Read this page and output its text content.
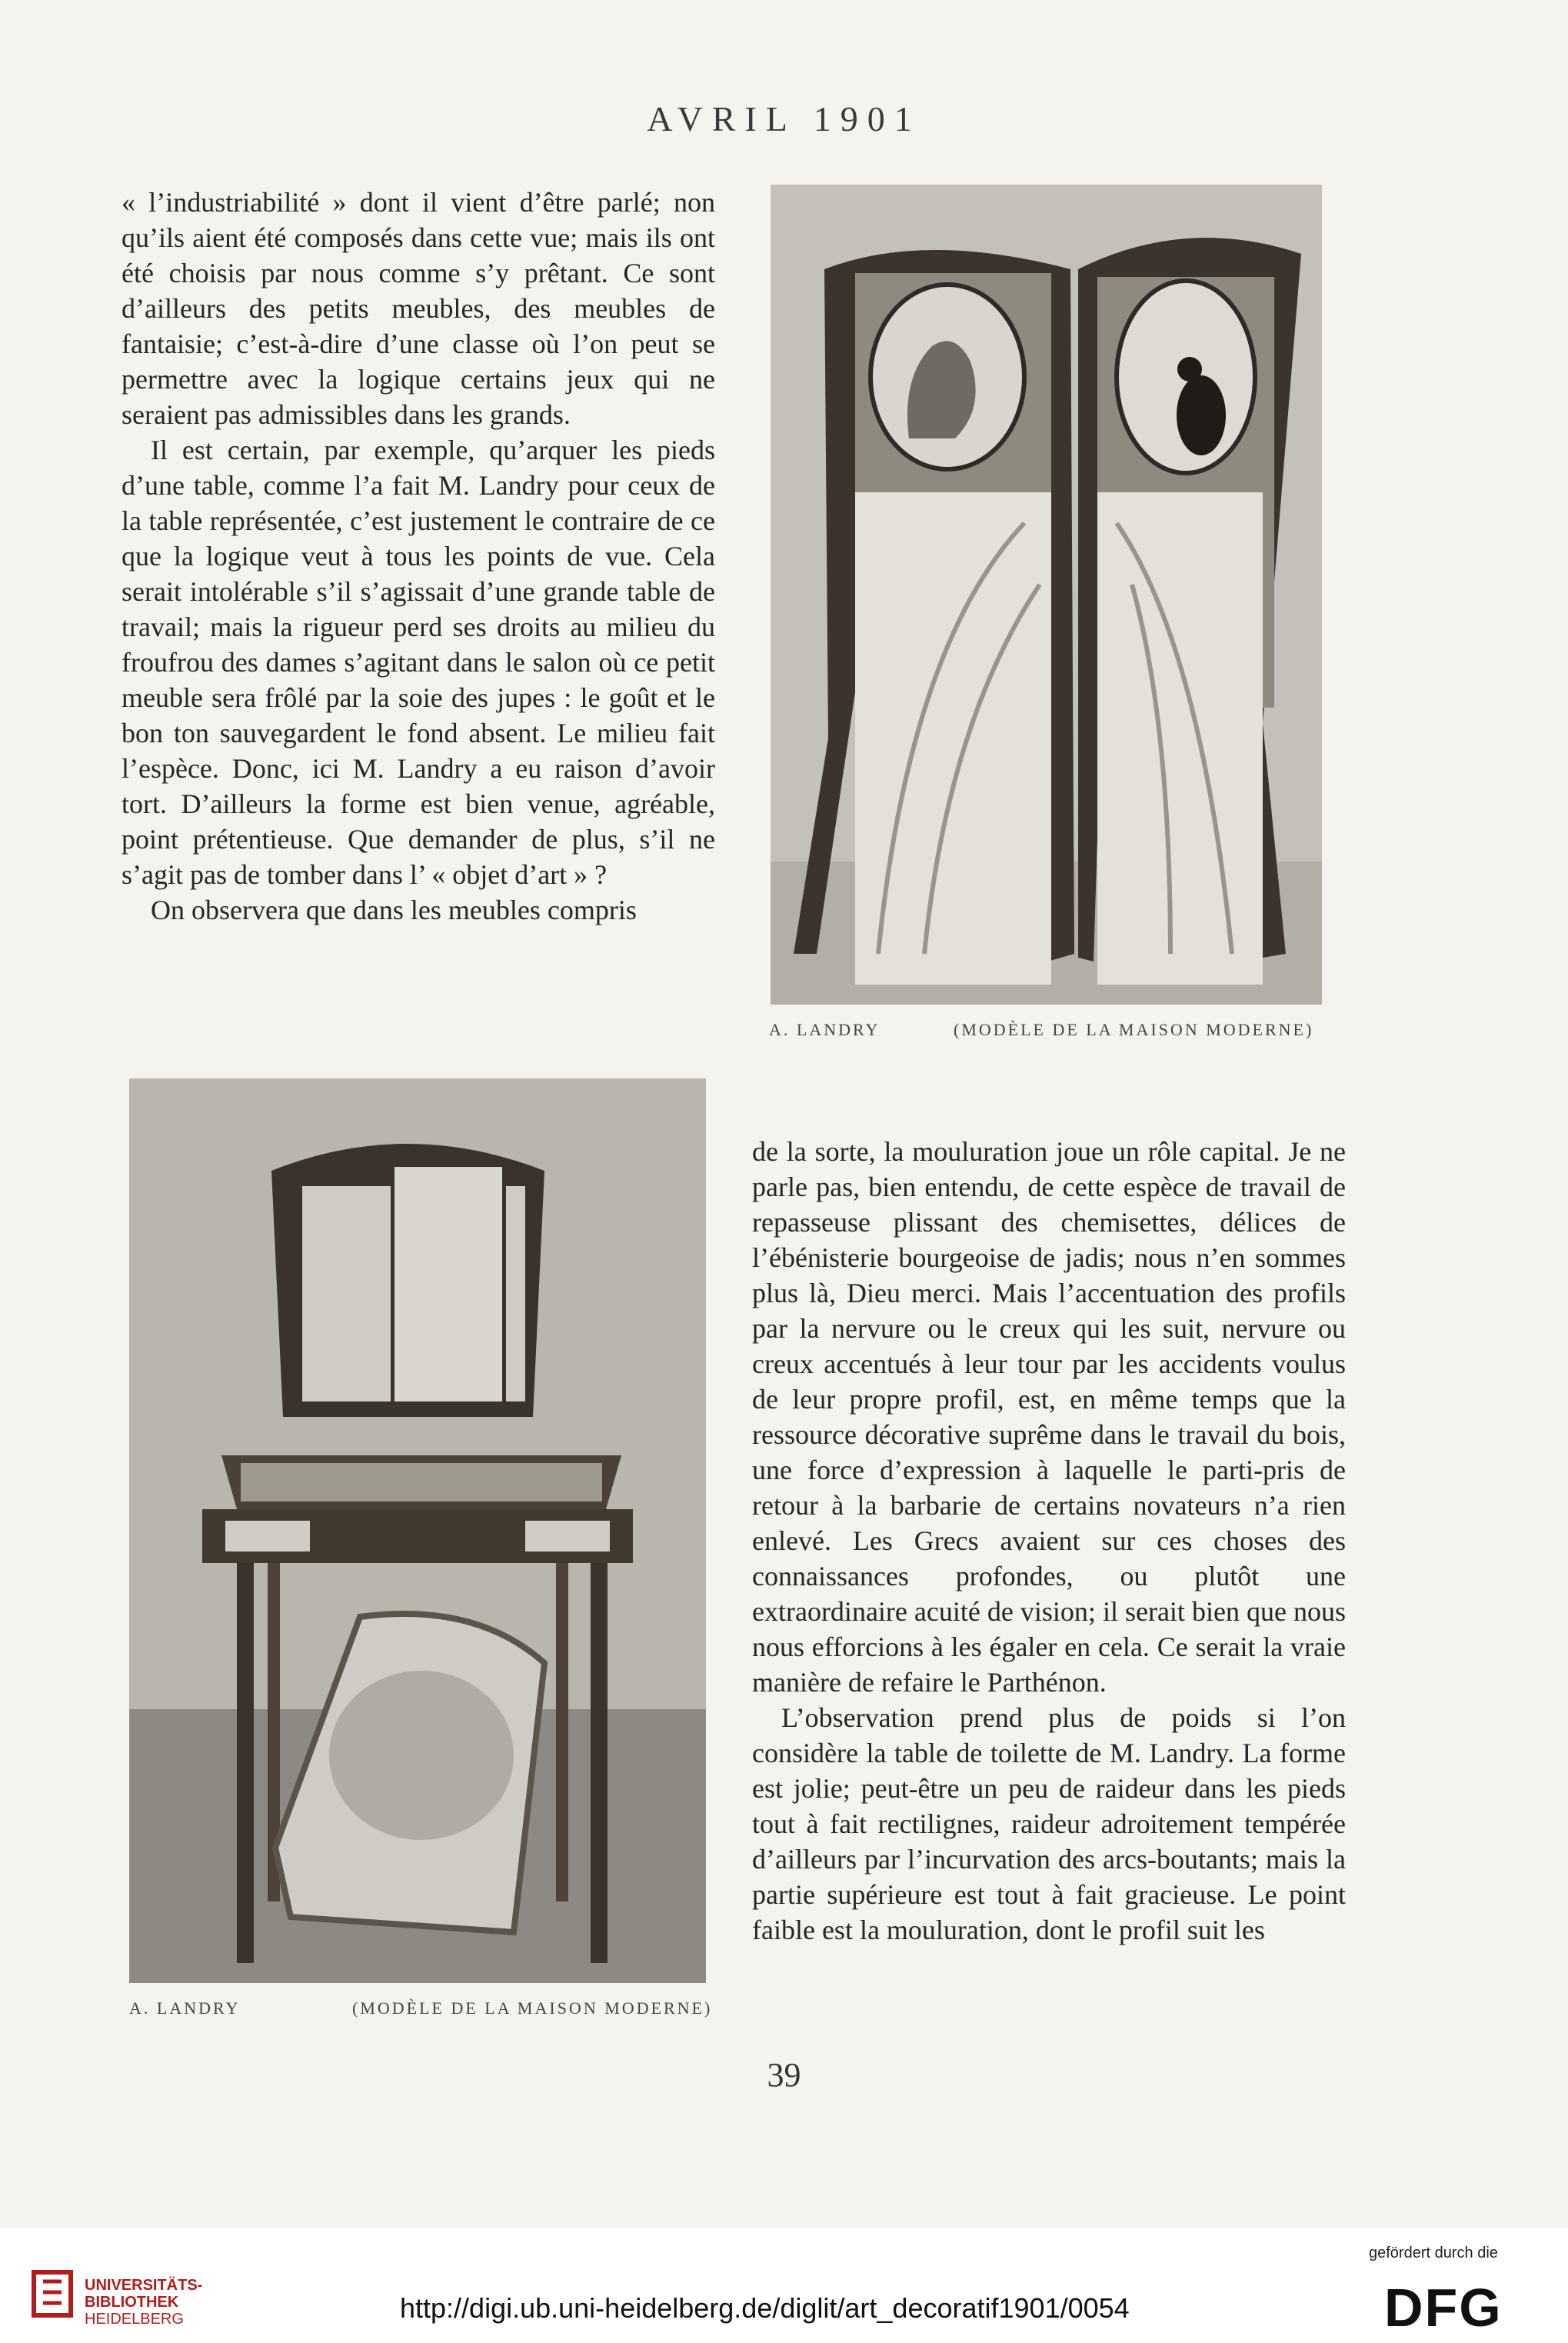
AVRIL 1901

« l’industriabilité » dont il vient d’être parlé; non qu’ils aient été composés dans cette vue; mais ils ont été choisis par nous comme s’y prêtant. Ce sont d’ailleurs des petits meubles, des meubles de fantaisie; c’est-à-dire d’une classe où l’on peut se permettre avec la logique certains jeux qui ne seraient pas admissibles dans les grands.

Il est certain, par exemple, qu’arquer les pieds d’une table, comme l’a fait M. Landry pour ceux de la table représentée, c’est justement le contraire de ce que la logique veut à tous les points de vue. Cela serait intolérable s’il s’agissait d’une grande table de travail; mais la rigueur perd ses droits au milieu du froufrou des dames s’agitant dans le salon où ce petit meuble sera frôlé par la soie des jupes : le goût et le bon ton sauvegardent le fond absent. Le milieu fait l’espèce. Donc, ici M. Landry a eu raison d’avoir tort. D’ailleurs la forme est bien venue, agréable, point prétentieuse. Que demander de plus, s’il ne s’agit pas de tomber dans l’ « objet d’art » ?

On observera que dans les meubles compris

A. LANDRY	(MODÈLE DE LA MAISON MODERNE)
A. LANDRY	(MODÈLE DE LA MAISON MODERNE)

de la sorte, la mouluration joue un rôle capital. Je ne parle pas, bien entendu, de cette espèce de travail de repasseuse plissant des chemisettes, délices de l’ébénisterie bourgeoise de jadis; nous n’en sommes plus là, Dieu merci. Mais l’accentuation des profils par la nervure ou le creux qui les suit, nervure ou creux accentués à leur tour par les accidents voulus de leur propre profil, est, en même temps que la ressource décorative suprême dans le travail du bois, une force d’expression à laquelle le parti-pris de retour à la barbarie de certains novateurs n’a rien enlevé. Les Grecs avaient sur ces choses des connaissances profondes, ou plutôt une extraordinaire acuité de vision; il serait bien que nous nous efforcions à les égaler en cela. Ce serait la vraie manière de refaire le Parthénon.

L’observation prend plus de poids si l’on considère la table de toilette de M. Landry. La forme est jolie; peut-être un peu de raideur dans les pieds tout à fait rectilignes, raideur adroitement tempérée d’ailleurs par l’incurvation des arcs-boutants; mais la partie supérieure est tout à fait gracieuse. Le point faible est la mouluration, dont le profil suit les

39
UNIVERSITÄTS-
BIBLIOTHEK
HEIDELBERG	http://digi.ub.uni-heidelberg.de/diglit/art_decoratif1901/0054
gefördert durch die
DFG
